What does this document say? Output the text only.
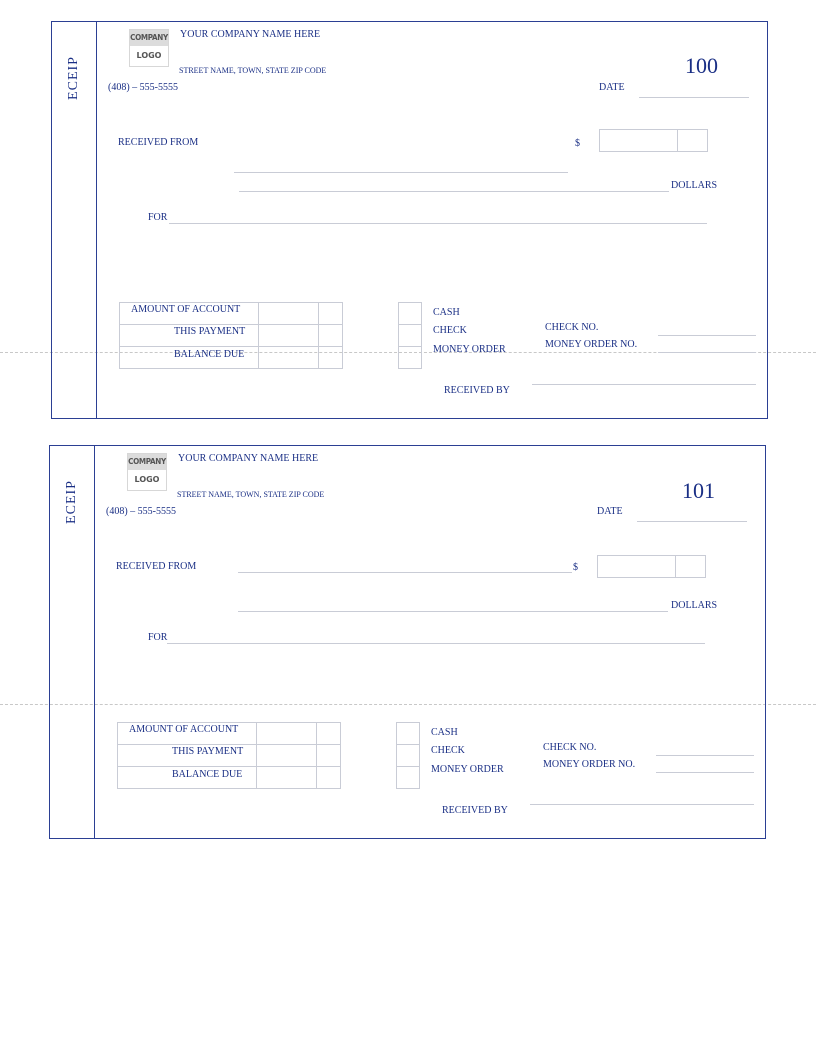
ECEIP
COMPANY
LOGO
YOUR COMPANY NAME HERE
STREET NAME, TOWN, STATE ZIP CODE
(408) – 555-5555
100
DATE
RECEIVED FROM	$
DOLLARS
FOR
AMOUNT OF ACCOUNT
THIS PAYMENT
BALANCE DUE
CASH
CHECK
MONEY ORDER
CHECK NO.
MONEY ORDER NO.
RECEIVED BY
ECEIP
COMPANY
LOGO
YOUR COMPANY NAME HERE
STREET NAME, TOWN, STATE ZIP CODE
(408) – 555-5555
101
DATE
RECEIVED FROM	$
DOLLARS
FOR
AMOUNT OF ACCOUNT
THIS PAYMENT
BALANCE DUE
CASH
CHECK
MONEY ORDER
CHECK NO.
MONEY ORDER NO.
RECEIVED BY
